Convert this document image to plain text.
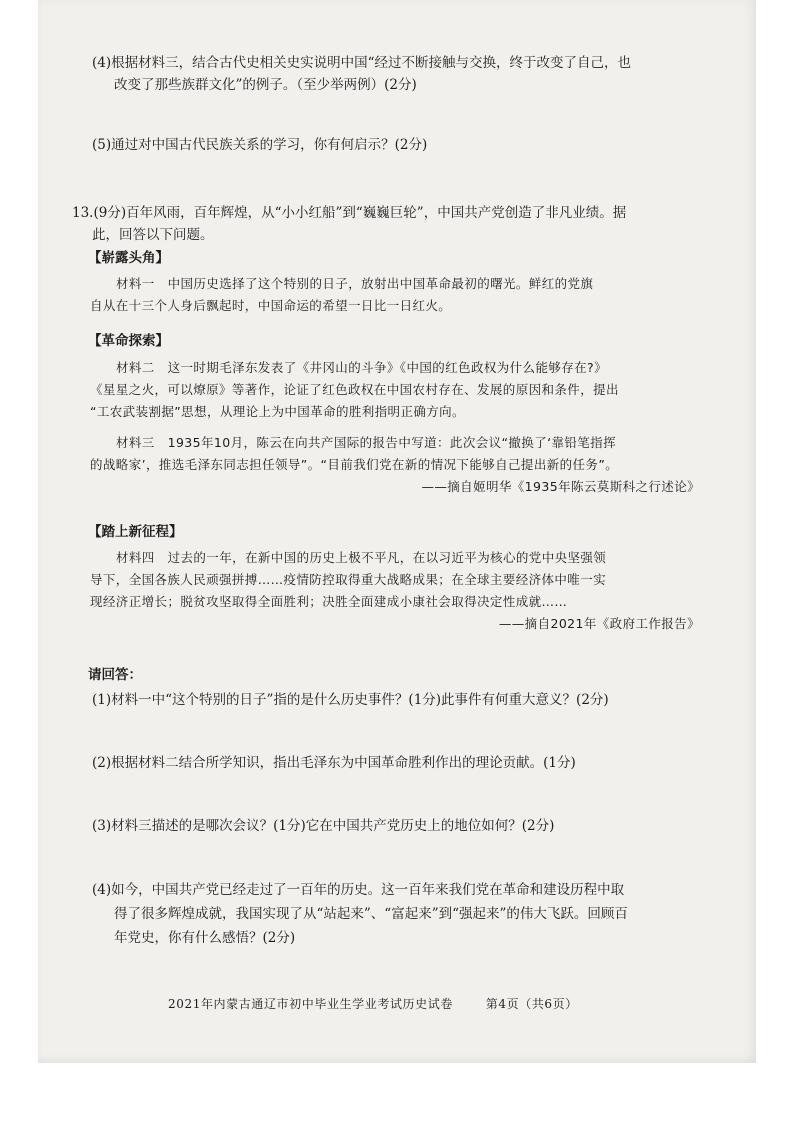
(4)根据材料三，结合古代史相关史实说明中国“经过不断接触与交换，终于改变了自己，也
改变了那些族群文化”的例子。（至少举两例）(2分)
(5)通过对中国古代民族关系的学习，你有何启示？(2分)
13.(9分)百年风雨，百年辉煌，从“小小红船”到“巍巍巨轮”，中国共产党创造了非凡业绩。据
此，回答以下问题。
【崭露头角】
材料一　中国历史选择了这个特别的日子，放射出中国革命最初的曙光。鲜红的党旗
自从在十三个人身后飘起时，中国命运的希望一日比一日红火。
【革命探索】
材料二　这一时期毛泽东发表了《井冈山的斗争》《中国的红色政权为什么能够存在?》
《星星之火，可以燎原》等著作，论证了红色政权在中国农村存在、发展的原因和条件，提出
“工农武装割据”思想，从理论上为中国革命的胜利指明正确方向。
材料三　1935年10月，陈云在向共产国际的报告中写道：此次会议“撤换了‘靠铅笔指挥
的战略家’，推选毛泽东同志担任领导”。“目前我们党在新的情况下能够自己提出新的任务”。
——摘自姬明华《1935年陈云莫斯科之行述论》
【踏上新征程】
材料四　过去的一年，在新中国的历史上极不平凡，在以习近平为核心的党中央坚强领
导下，全国各族人民顽强拼搏……疫情防控取得重大战略成果；在全球主要经济体中唯一实
现经济正增长；脱贫攻坚取得全面胜利；决胜全面建成小康社会取得决定性成就……
——摘自2021年《政府工作报告》
请回答：
(1)材料一中“这个特别的日子”指的是什么历史事件？(1分)此事件有何重大意义？(2分)
(2)根据材料二结合所学知识，指出毛泽东为中国革命胜利作出的理论贡献。(1分)
(3)材料三描述的是哪次会议？(1分)它在中国共产党历史上的地位如何？(2分)
(4)如今，中国共产党已经走过了一百年的历史。这一百年来我们党在革命和建设历程中取
得了很多辉煌成就，我国实现了从“站起来”、“富起来”到“强起来”的伟大飞跃。回顾百
年党史，你有什么感悟？(2分)
2021年内蒙古通辽市初中毕业生学业考试历史试卷	第4页（共6页）
